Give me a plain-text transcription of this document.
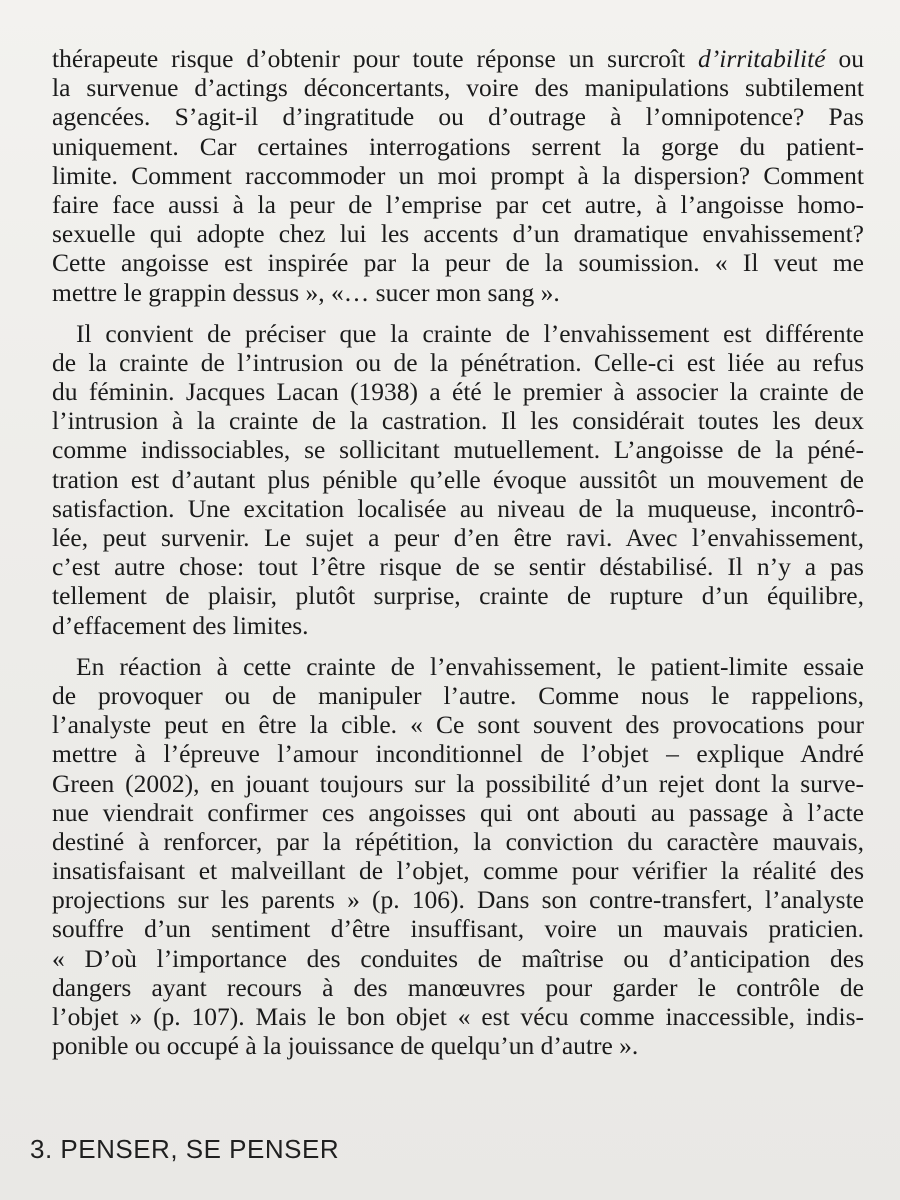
thérapeute risque d’obtenir pour toute réponse un surcroît d’irritabilité ou
la survenue d’actings déconcertants, voire des manipulations subtilement
agencées. S’agit-il d’ingratitude ou d’outrage à l’omnipotence? Pas
uniquement. Car certaines interrogations serrent la gorge du patient-
limite. Comment raccommoder un moi prompt à la dispersion? Comment
faire face aussi à la peur de l’emprise par cet autre, à l’angoisse homo-
sexuelle qui adopte chez lui les accents d’un dramatique envahissement?
Cette angoisse est inspirée par la peur de la soumission. « Il veut me
mettre le grappin dessus », «… sucer mon sang ».
Il convient de préciser que la crainte de l’envahissement est différente
de la crainte de l’intrusion ou de la pénétration. Celle-ci est liée au refus
du féminin. Jacques Lacan (1938) a été le premier à associer la crainte de
l’intrusion à la crainte de la castration. Il les considérait toutes les deux
comme indissociables, se sollicitant mutuellement. L’angoisse de la péné-
tration est d’autant plus pénible qu’elle évoque aussitôt un mouvement de
satisfaction. Une excitation localisée au niveau de la muqueuse, incontrô-
lée, peut survenir. Le sujet a peur d’en être ravi. Avec l’envahissement,
c’est autre chose: tout l’être risque de se sentir déstabilisé. Il n’y a pas
tellement de plaisir, plutôt surprise, crainte de rupture d’un équilibre,
d’effacement des limites.
En réaction à cette crainte de l’envahissement, le patient-limite essaie
de provoquer ou de manipuler l’autre. Comme nous le rappelions,
l’analyste peut en être la cible. « Ce sont souvent des provocations pour
mettre à l’épreuve l’amour inconditionnel de l’objet – explique André
Green (2002), en jouant toujours sur la possibilité d’un rejet dont la surve-
nue viendrait confirmer ces angoisses qui ont abouti au passage à l’acte
destiné à renforcer, par la répétition, la conviction du caractère mauvais,
insatisfaisant et malveillant de l’objet, comme pour vérifier la réalité des
projections sur les parents » (p. 106). Dans son contre-transfert, l’analyste
souffre d’un sentiment d’être insuffisant, voire un mauvais praticien.
« D’où l’importance des conduites de maîtrise ou d’anticipation des
dangers ayant recours à des manœuvres pour garder le contrôle de
l’objet » (p. 107). Mais le bon objet « est vécu comme inaccessible, indis-
ponible ou occupé à la jouissance de quelqu’un d’autre ».
3. PENSER, SE PENSER
